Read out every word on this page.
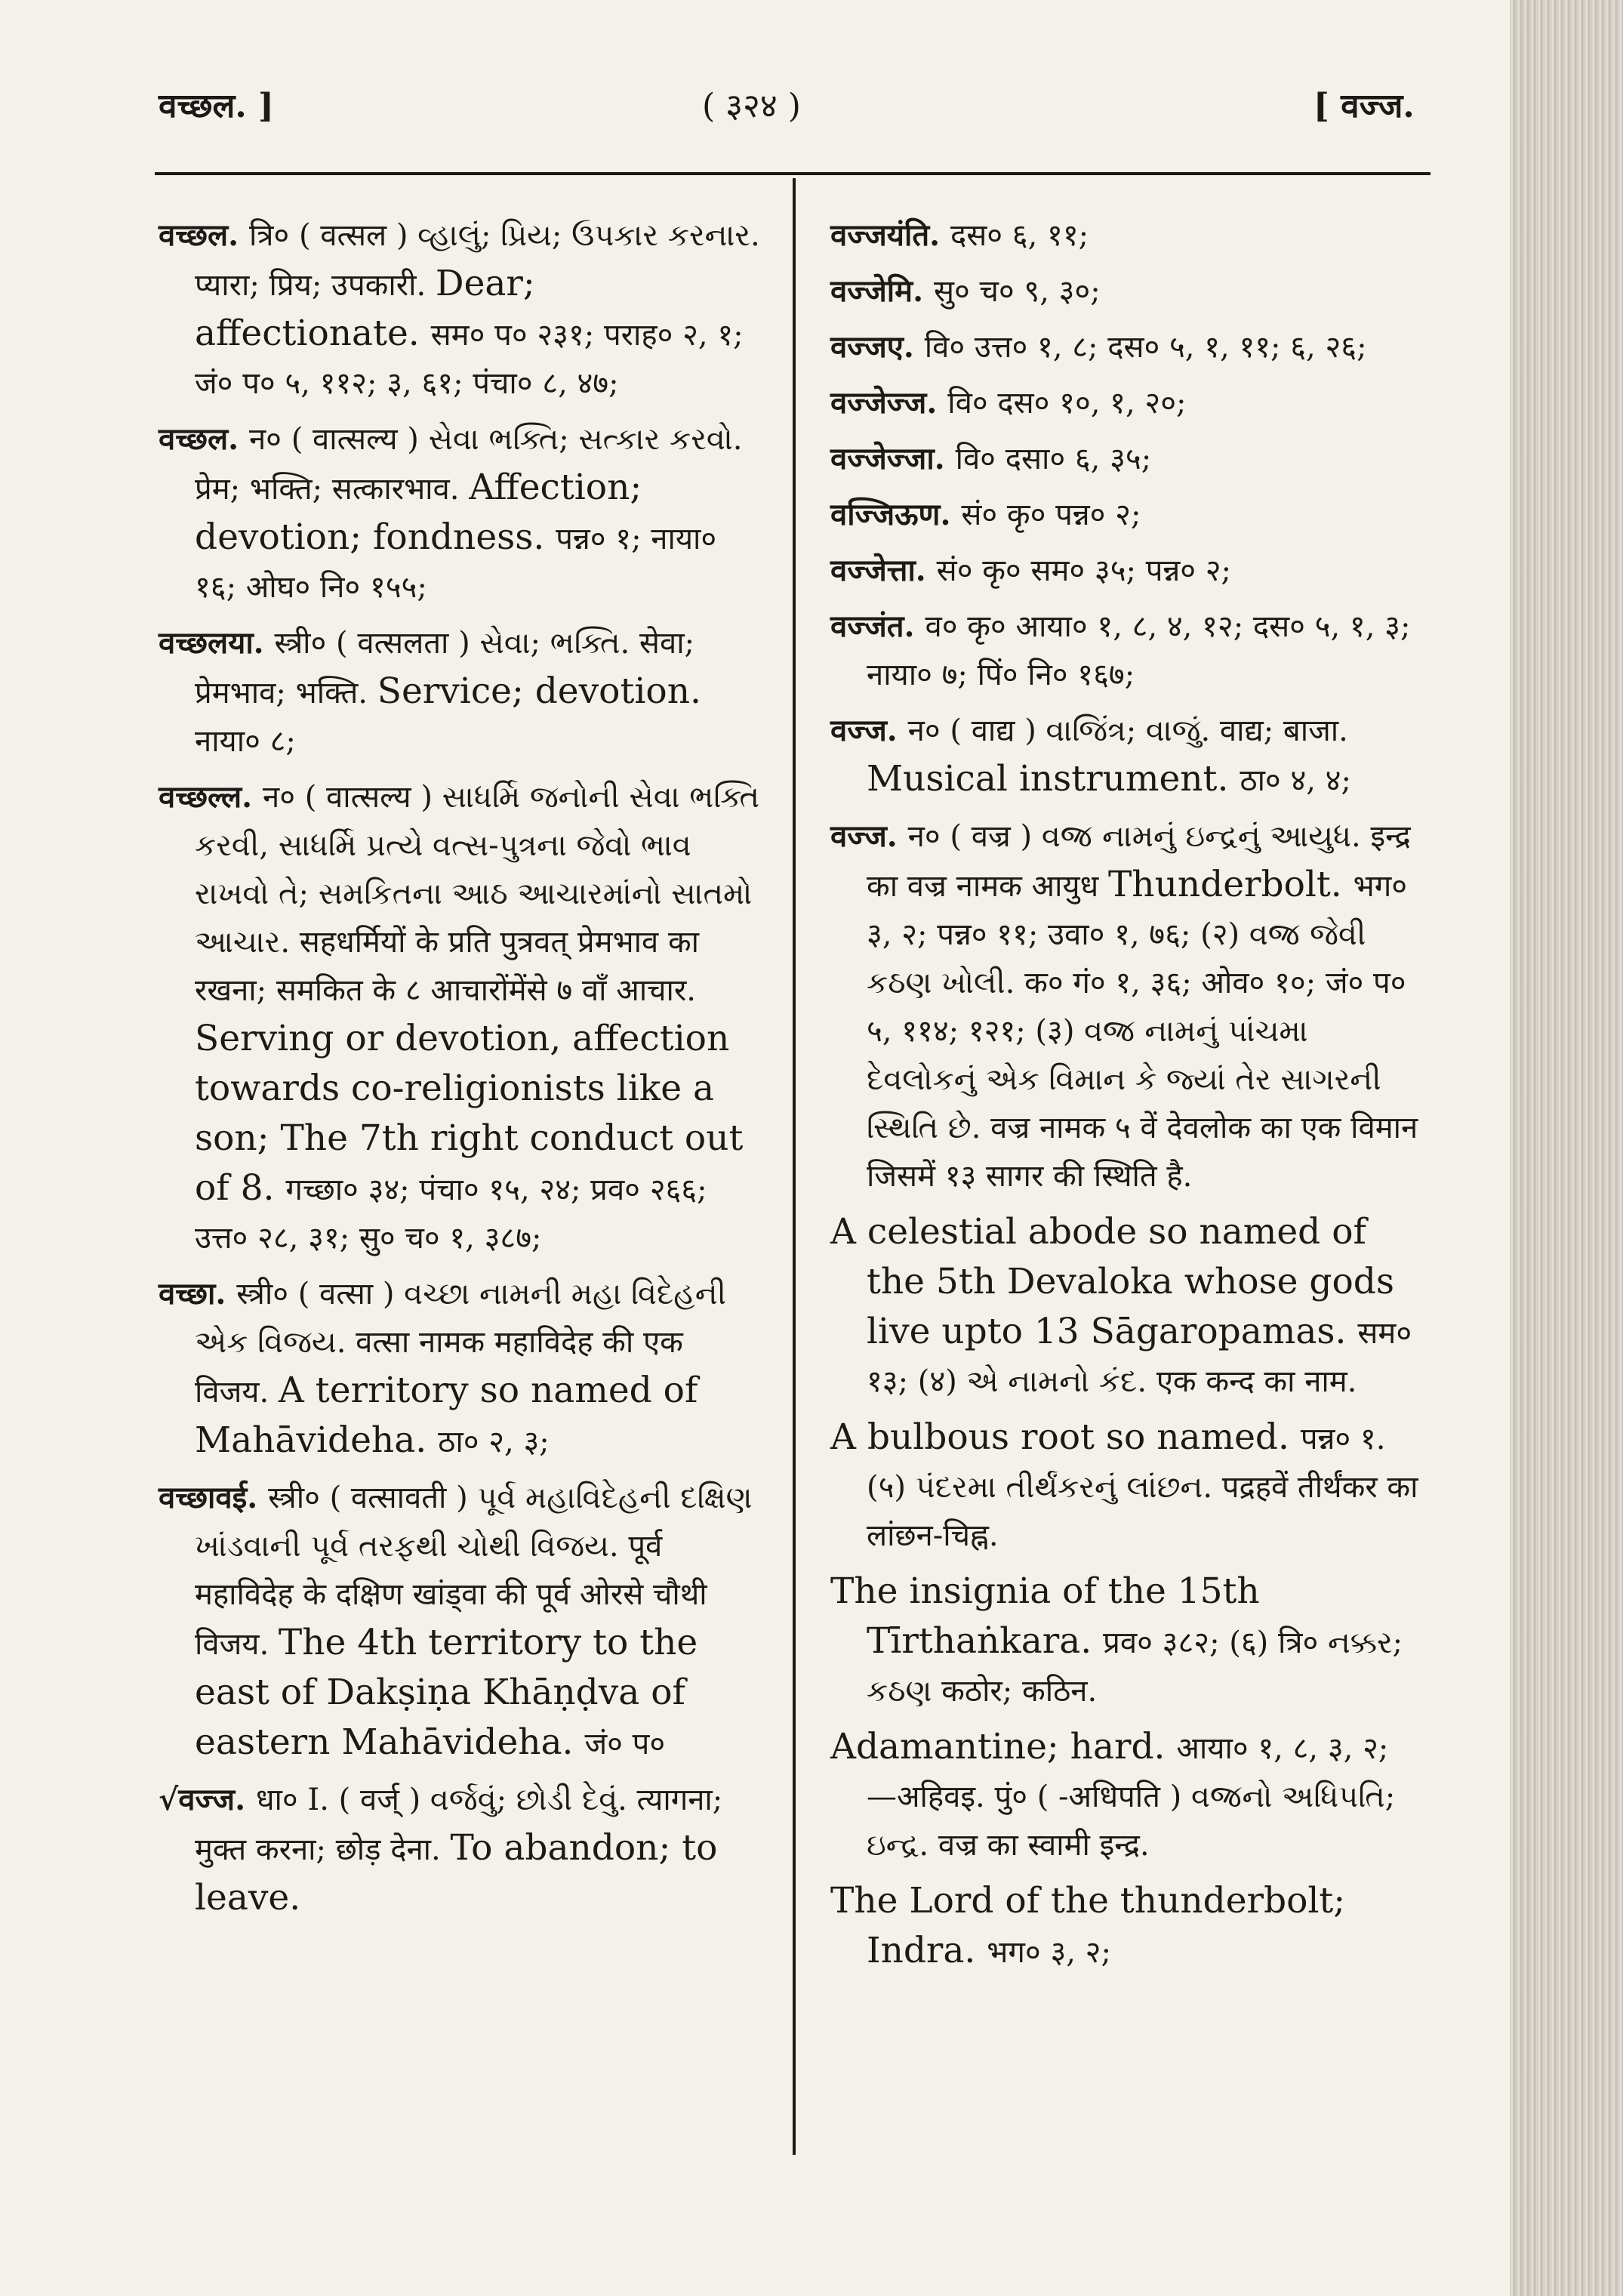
वच्छल. ]	( ३२४ )	[ वज्ज.
वच्छल. त्रि० ( वत्सल ) વ્હાલું; પ્રિય; ઉપકાર કરનાર. प्यारा; प्रिय; उपकारी. Dear; affectionate. सम० प० २३१; पराह० २, १; जं० प० ५, ११२; ३, ६१; पंचा० ८, ४७;
वच्छल. न० ( वात्सल्य ) સેવા ભક્તિ; સત્કાર કરવો. प्रेम; भक्ति; सत्कारभाव. Affection; devotion; fondness. पन्न० १; नाया० १६; ओघ० नि० १५५;
वच्छलया. स्त्री० ( वत्सलता ) સેવા; ભક્તિ. सेवा; प्रेमभाव; भक्ति. Service; devotion. नाया० ८;
वच्छल्ल. न० ( वात्सल्य ) સાધર્મિ જનોની સેવા ભક્તિ કરવી, સાધર્મિ પ્રત્યે વત્સ-પુત્રના જેવો ભાવ રાખવો તે; સમકિતના આઠ આચારમાંનો સાતમો આચાર. सहधर्मियों के प्रति पुत्रवत् प्रेमभाव का रखना; समकित के ८ आचारोंमेंसे ७ वाँ आचार. Serving or devotion, affection towards co-religionists like a son; The 7th right conduct out of 8. गच्छा० ३४; पंचा० १५, २४; प्रव० २६६; उत्त० २८, ३१; सु० च० १, ३८७;
वच्छा. स्त्री० ( वत्सा ) વચ્છા નામની મહા વિદેહની એક વિજય. वत्सा नामक महाविदेह की एक विजय. A territory so named of Mahāvideha. ठा० २, ३;
वच्छावई. स्त्री० ( वत्सावती ) પૂર્વ મહાવિદેહની દક્ષિણ ખાંડવાની પૂર્વ તરફથી ચોથી વિજય. पूर्व महाविदेह के दक्षिण खांड्वा की पूर्व ओरसे चौथी विजय. The 4th territory to the east of Dakṣiṇa Khāṇḍva of eastern Mahāvideha. जं० प०
√वज्ज. धा० I. ( वर्ज् ) વર્જવું; છોડી દેવું. त्यागना; मुक्त करना; छोड़ देना. To abandon; to leave.
वज्जयंति. दस० ६, ११;
वज्जेमि. सु० च० ९, ३०;
वज्जए. वि० उत्त० १, ८; दस० ५, १, ११; ६, २६;
वज्जेज्ज. वि० दस० १०, १, २०;
वज्जेज्जा. वि० दसा० ६, ३५;
वज्जिऊण. सं० कृ० पन्न० २;
वज्जेत्ता. सं० कृ० सम० ३५; पन्न० २;
वज्जंत. व० कृ० आया० १, ८, ४, १२; दस० ५, १, ३; नाया० ७; पिं० नि० १६७;
वज्ज. न० ( वाद्य ) વાજિંત્ર; વાજું. वाद्य; बाजा. Musical instrument. ठा० ४, ४;
वज्ज. न० ( वज्र ) વજ્ર નામનું ઇન્દ્રનું આયુધ. इन्द्र का वज्र नामक आयुध Thunderbolt. भग० ३, २; पन्न० ११; उवा० १, ७६; (२) વજ્ર જેવી કઠણ ખોલી. क० गं० १, ३६; ओव० १०; जं० प० ५, ११४; १२१; (३) વજ્ર નામનું પાંચમા દેવલોકનું એક વિમાન કે જ્યાં તેર સાગરની સ્થિતિ છે. वज्र नामक ५ वें देवलोक का एक विमान जिसमें १३ सागर की स्थिति है.
A celestial abode so named of the 5th Devaloka whose gods live upto 13 Sāgaropamas. सम० १३; (४) એ નામનો કંદ. एक कन्द का नाम.
A bulbous root so named. पन्न० १. (५) પંદરમા તીર્થંકરનું લાંછન. पद्रहवें तीर्थंकर का लांछन-चिह्न.
The insignia of the 15th Tīrthaṅkara. प्रव० ३८२; (६) त्रि० નક્કર; કઠણ कठोर; कठिन.
Adamantine; hard. आया० १, ८, ३, २; —अहिवइ. पुं० ( -अधिपति ) વજ્રનો અધિપતિ; ઇન્દ્ર. वज्र का स्वामी इन्द्र.
The Lord of the thunderbolt; Indra. भग० ३, २;
